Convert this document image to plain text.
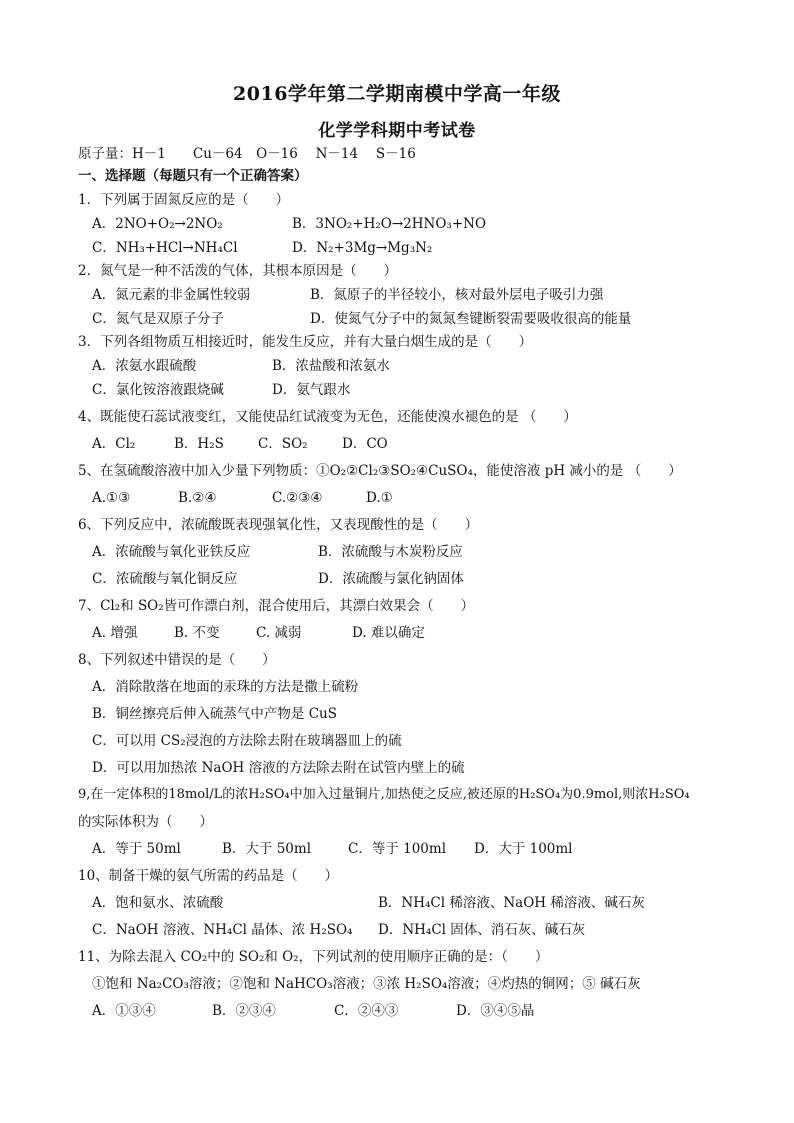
2016学年第二学期南模中学高一年级
化学学科期中考试卷
原子量：H－1　　Cu－64　O－16　 N－14　 S－16
一、选择题（每题只有一个正确答案）
1．下列属于固氮反应的是（　　）
A．2NO+O₂→2NO₂	B．3NO₂+H₂O→2HNO₃+NO
C．NH₃+HCl→NH₄Cl	D．N₂+3Mg→Mg₃N₂
2．氮气是一种不活泼的气体，其根本原因是（　　）
A．氮元素的非金属性较弱	B．氮原子的半径较小，核对最外层电子吸引力强
C．氮气是双原子分子	D．使氮气分子中的氮氮叁键断裂需要吸收很高的能量
3．下列各组物质互相接近时，能发生反应，并有大量白烟生成的是（　　）
A．浓氨水跟硫酸	B．浓盐酸和浓氨水
C．氯化铵溶液跟烧碱	D．氨气跟水
4、既能使石蕊试液变红，又能使品红试液变为无色，还能使溴水褪色的是 （　　）
A．Cl₂	B．H₂S	C．SO₂	D．CO
5、在氢硫酸溶液中加入少量下列物质：①O₂②Cl₂③SO₂④CuSO₄，能使溶液 pH 减小的是 （　　）
A.①③	B.②④	C.②③④	D.①
6、下列反应中，浓硫酸既表现强氧化性，又表现酸性的是（　　）
A．浓硫酸与氧化亚铁反应	B．浓硫酸与木炭粉反应
C．浓硫酸与氧化铜反应	D．浓硫酸与氯化钠固体
7、Cl₂和 SO₂皆可作漂白剂，混合使用后，其漂白效果会（　　）
A. 增强	B. 不变	C. 减弱	D. 难以确定
8、下列叙述中错误的是（　　）
A．消除散落在地面的汞珠的方法是撒上硫粉
B．铜丝擦亮后伸入硫蒸气中产物是 CuS
C．可以用 CS₂浸泡的方法除去附在玻璃器皿上的硫
D．可以用加热浓 NaOH 溶液的方法除去附在试管内壁上的硫
9,在一定体积的18mol/L的浓H₂SO₄中加入过量铜片,加热使之反应,被还原的H₂SO₄为0.9mol,则浓H₂SO₄
的实际体积为（　　）
A．等于 50ml	B．大于 50ml	C．等于 100ml D．大于 100ml
10、制备干燥的氨气所需的药品是（　　）
A．饱和氨水、浓硫酸	B．NH₄Cl 稀溶液、NaOH 稀溶液、碱石灰
C．NaOH 溶液、NH₄Cl 晶体、浓 H₂SO₄ D．NH₄Cl 固体、消石灰、碱石灰
11、为除去混入 CO₂中的 SO₂和 O₂，下列试剂的使用顺序正确的是：（　　）
①饱和 Na₂CO₃溶液；②饱和 NaHCO₃溶液；③浓 H₂SO₄溶液；④灼热的铜网；⑤ 碱石灰
A．①③④	B．②③④	C．②④③	D．③④⑤晶
